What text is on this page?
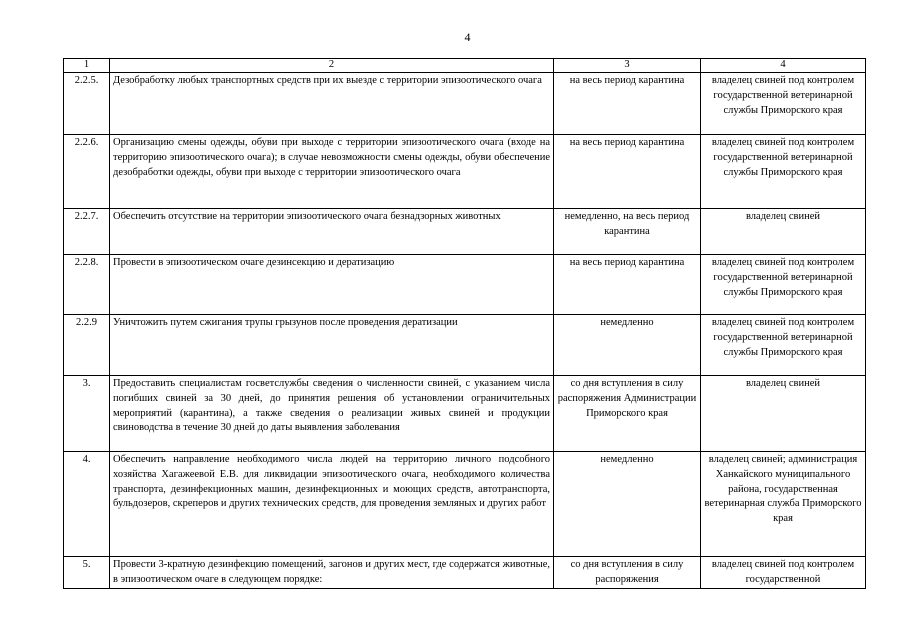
4
1	2	3	4
2.2.5.	Дезобработку любых транспортных средств при их выезде с территории эпизоотического очага	на весь период карантина	владелец свиней под контролем государственной ветеринарной службы Приморского края
2.2.6.	Организацию смены одежды, обуви при выходе с территории эпизоотического очага (входе на территорию эпизоотического очага); в случае невозможности смены одежды, обуви обеспечение дезобработки одежды, обуви при выходе с территории эпизоотического очага	на весь период карантина	владелец свиней под контролем государственной ветеринарной службы Приморского края
2.2.7.	Обеспечить отсутствие на территории эпизоотического очага безнадзорных животных	немедленно, на весь период карантина	владелец свиней
2.2.8.	Провести в эпизоотическом очаге дезинсекцию и дератизацию	на весь период карантина	владелец свиней под контролем государственной ветеринарной службы Приморского края
2.2.9	Уничтожить путем сжигания трупы грызунов после проведения дератизации	немедленно	владелец свиней под контролем государственной ветеринарной службы Приморского края
3.	Предоставить специалистам госветслужбы сведения о численности свиней, с указанием числа погибших свиней за 30 дней, до принятия решения об установлении ограничительных мероприятий (карантина), а также сведения о реализации живых свиней и продукции свиноводства в течение 30 дней до даты выявления заболевания	со дня вступления в силу распоряжения Администрации Приморского края	владелец свиней
4.	Обеспечить направление необходимого числа людей на территорию личного подсобного хозяйства Хагажеевой Е.В. для ликвидации эпизоотического очага, необходимого количества транспорта, дезинфекционных машин, дезинфекционных и моющих средств, автотранспорта, бульдозеров, скреперов и других технических средств, для проведения земляных и других работ	немедленно	владелец свиней; администрация Ханкайского муниципального района, государственная ветеринарная служба Приморского края
5.	Провести 3-кратную дезинфекцию помещений, загонов и других мест, где содержатся животные, в эпизоотическом очаге в следующем порядке:	со дня вступления в силу распоряжения	владелец свиней под контролем государственной
